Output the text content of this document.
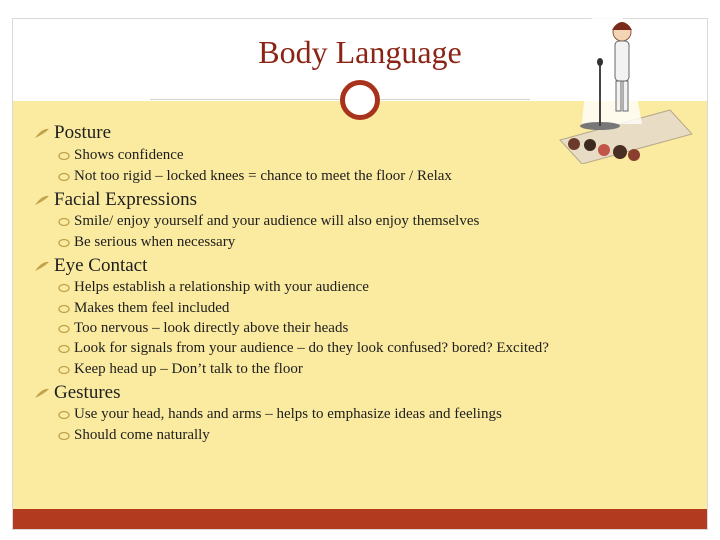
Body Language
Posture
Shows confidence
Not too rigid – locked knees = chance to meet the floor / Relax
Facial Expressions
Smile/ enjoy yourself and your audience will also enjoy themselves
Be serious when necessary
Eye Contact
Helps establish a relationship with your audience
Makes them feel included
Too nervous – look directly above their heads
Look for signals from your audience – do they look confused? bored? Excited?
Keep head up – Don’t talk to the floor
Gestures
Use your head, hands and arms – helps to emphasize ideas and feelings
Should come naturally
